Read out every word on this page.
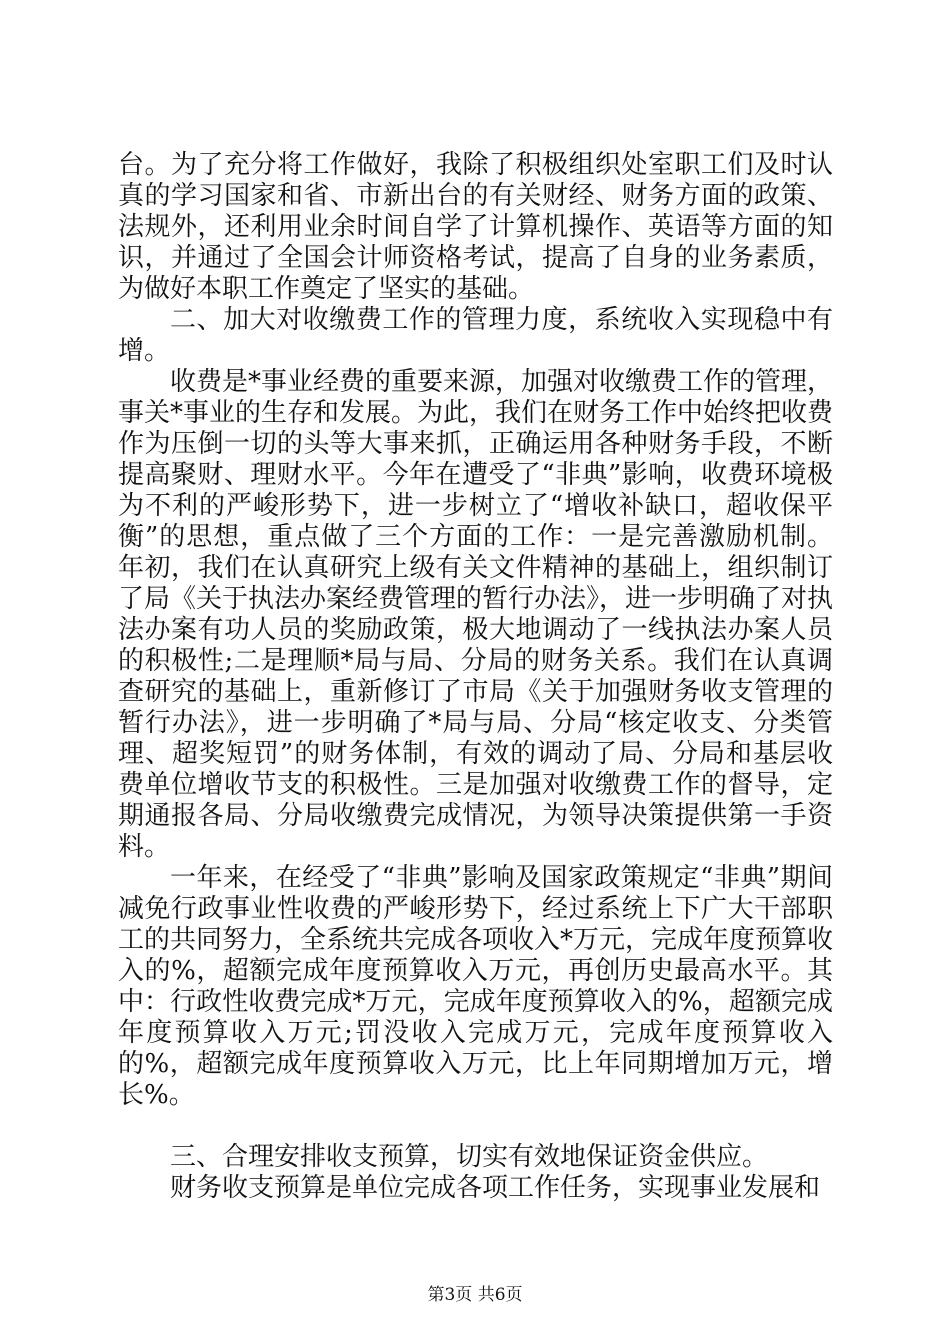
台。为了充分将工作做好，我除了积极组织处室职工们及时认真的学习国家和省、市新出台的有关财经、财务方面的政策、法规外，还利用业余时间自学了计算机操作、英语等方面的知识，并通过了全国会计师资格考试，提高了自身的业务素质，为做好本职工作奠定了坚实的基础。

二、加大对收缴费工作的管理力度，系统收入实现稳中有增。

收费是*事业经费的重要来源，加强对收缴费工作的管理，事关*事业的生存和发展。为此，我们在财务工作中始终把收费作为压倒一切的头等大事来抓，正确运用各种财务手段，不断提高聚财、理财水平。今年在遭受了“非典”影响，收费环境极为不利的严峻形势下，进一步树立了“增收补缺口，超收保平衡”的思想，重点做了三个方面的工作：一是完善激励机制。年初，我们在认真研究上级有关文件精神的基础上，组织制订了局《关于执法办案经费管理的暂行办法》，进一步明确了对执法办案有功人员的奖励政策，极大地调动了一线执法办案人员的积极性;二是理顺*局与局、分局的财务关系。我们在认真调查研究的基础上，重新修订了市局《关于加强财务收支管理的暂行办法》，进一步明确了*局与局、分局“核定收支、分类管理、超奖短罚”的财务体制，有效的调动了局、分局和基层收费单位增收节支的积极性。三是加强对收缴费工作的督导，定期通报各局、分局收缴费完成情况，为领导决策提供第一手资料。

一年来，在经受了“非典”影响及国家政策规定“非典”期间减免行政事业性收费的严峻形势下，经过系统上下广大干部职工的共同努力，全系统共完成各项收入*万元，完成年度预算收入的%，超额完成年度预算收入万元，再创历史最高水平。其中：行政性收费完成*万元，完成年度预算收入的%，超额完成年度预算收入万元;罚没收入完成万元，完成年度预算收入的%，超额完成年度预算收入万元，比上年同期增加万元，增长%。

三、合理安排收支预算，切实有效地保证资金供应。

财务收支预算是单位完成各项工作任务，实现事业发展和

第3页 共6页
